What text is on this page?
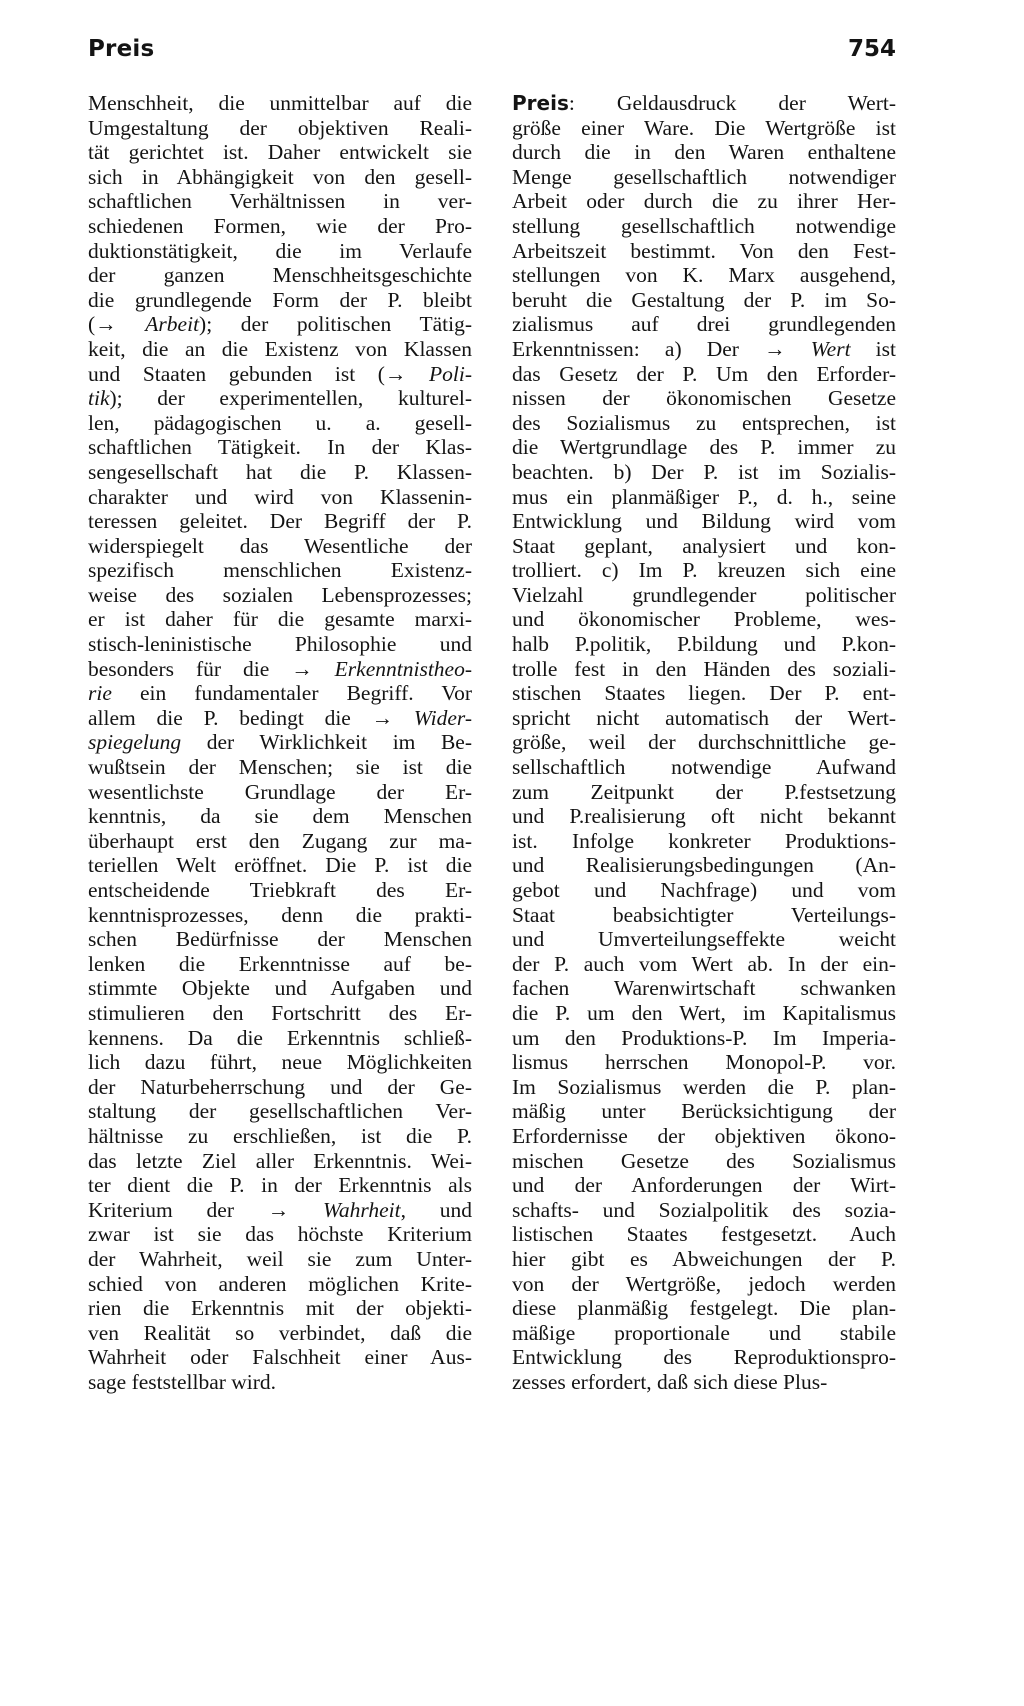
Preis	754
Menschheit, die unmittelbar auf die
Umgestaltung der objektiven Reali-
tät gerichtet ist. Daher entwickelt sie
sich in Abhängigkeit von den gesell-
schaftlichen Verhältnissen in ver-
schiedenen Formen, wie der Pro-
duktionstätigkeit, die im Verlaufe
der ganzen Menschheitsgeschichte
die grundlegende Form der P. bleibt
(→ Arbeit); der politischen Tätig-
keit, die an die Existenz von Klassen
und Staaten gebunden ist (→ Poli-
tik); der experimentellen, kulturel-
len, pädagogischen u. a. gesell-
schaftlichen Tätigkeit. In der Klas-
sengesellschaft hat die P. Klassen-
charakter und wird von Klassenin-
teressen geleitet. Der Begriff der P.
widerspiegelt das Wesentliche der
spezifisch menschlichen Existenz-
weise des sozialen Lebensprozesses;
er ist daher für die gesamte marxi-
stisch-leninistische Philosophie und
besonders für die → Erkenntnistheo-
rie ein fundamentaler Begriff. Vor
allem die P. bedingt die → Wider-
spiegelung der Wirklichkeit im Be-
wußtsein der Menschen; sie ist die
wesentlichste Grundlage der Er-
kenntnis, da sie dem Menschen
überhaupt erst den Zugang zur ma-
teriellen Welt eröffnet. Die P. ist die
entscheidende Triebkraft des Er-
kenntnisprozesses, denn die prakti-
schen Bedürfnisse der Menschen
lenken die Erkenntnisse auf be-
stimmte Objekte und Aufgaben und
stimulieren den Fortschritt des Er-
kennens. Da die Erkenntnis schließ-
lich dazu führt, neue Möglichkeiten
der Naturbeherrschung und der Ge-
staltung der gesellschaftlichen Ver-
hältnisse zu erschließen, ist die P.
das letzte Ziel aller Erkenntnis. Wei-
ter dient die P. in der Erkenntnis als
Kriterium der → Wahrheit, und
zwar ist sie das höchste Kriterium
der Wahrheit, weil sie zum Unter-
schied von anderen möglichen Krite-
rien die Erkenntnis mit der objekti-
ven Realität so verbindet, daß die
Wahrheit oder Falschheit einer Aus-
sage feststellbar wird.
Preis: Geldausdruck der Wert-
größe einer Ware. Die Wertgröße ist
durch die in den Waren enthaltene
Menge gesellschaftlich notwendiger
Arbeit oder durch die zu ihrer Her-
stellung gesellschaftlich notwendige
Arbeitszeit bestimmt. Von den Fest-
stellungen von K. Marx ausgehend,
beruht die Gestaltung der P. im So-
zialismus auf drei grundlegenden
Erkenntnissen: a) Der → Wert ist
das Gesetz der P. Um den Erforder-
nissen der ökonomischen Gesetze
des Sozialismus zu entsprechen, ist
die Wertgrundlage des P. immer zu
beachten. b) Der P. ist im Sozialis-
mus ein planmäßiger P., d. h., seine
Entwicklung und Bildung wird vom
Staat geplant, analysiert und kon-
trolliert. c) Im P. kreuzen sich eine
Vielzahl grundlegender politischer
und ökonomischer Probleme, wes-
halb P.politik, P.bildung und P.kon-
trolle fest in den Händen des soziali-
stischen Staates liegen. Der P. ent-
spricht nicht automatisch der Wert-
größe, weil der durchschnittliche ge-
sellschaftlich notwendige Aufwand
zum Zeitpunkt der P.festsetzung
und P.realisierung oft nicht bekannt
ist. Infolge konkreter Produktions-
und Realisierungsbedingungen (An-
gebot und Nachfrage) und vom
Staat beabsichtigter Verteilungs-
und Umverteilungseffekte weicht
der P. auch vom Wert ab. In der ein-
fachen Warenwirtschaft schwanken
die P. um den Wert, im Kapitalismus
um den Produktions-P. Im Imperia-
lismus herrschen Monopol-P. vor.
Im Sozialismus werden die P. plan-
mäßig unter Berücksichtigung der
Erfordernisse der objektiven ökono-
mischen Gesetze des Sozialismus
und der Anforderungen der Wirt-
schafts- und Sozialpolitik des sozia-
listischen Staates festgesetzt. Auch
hier gibt es Abweichungen der P.
von der Wertgröße, jedoch werden
diese planmäßig festgelegt. Die plan-
mäßige proportionale und stabile
Entwicklung des Reproduktionspro-
zesses erfordert, daß sich diese Plus-
